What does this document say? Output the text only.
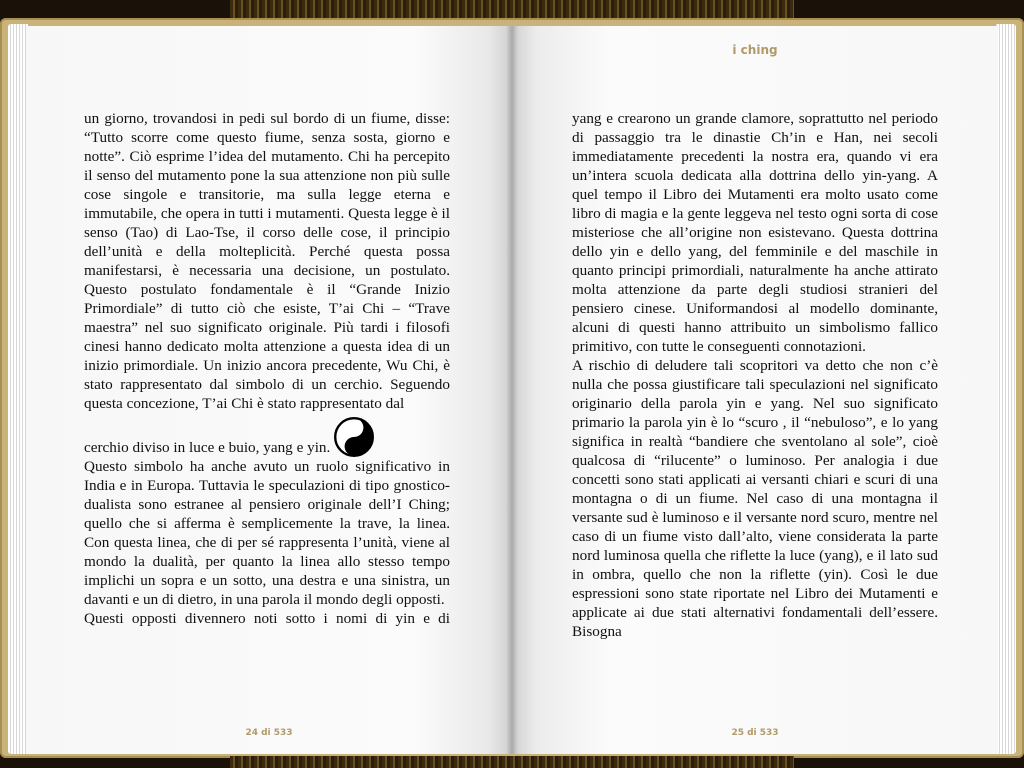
un giorno, trovandosi in pedi sul bordo di un fiume, disse: “Tutto scorre come questo fiume, senza sosta, giorno e notte”. Ciò esprime l’idea del mutamento. Chi ha percepito il senso del mutamento pone la sua attenzione non più sulle cose singole e transitorie, ma sulla legge eterna e immutabile, che opera in tutti i mutamenti. Questa legge è il senso (Tao) di Lao-Tse, il corso delle cose, il principio dell’unità e della molteplicità. Perché questa possa manifestarsi, è necessaria una decisione, un postulato. Questo postulato fondamentale è il “Grande Inizio Primordiale” di tutto ciò che esiste, T’ai Chi – “Trave maestra” nel suo significato originale. Più tardi i filosofi cinesi hanno dedicato molta attenzione a questa idea di un inizio primordiale. Un inizio ancora precedente, Wu Chi, è stato rappresentato dal simbolo di un cerchio. Seguendo questa concezione, T’ai Chi è stato rappresentato dal

cerchio diviso in luce e buio, yang e yin.

Questo simbolo ha anche avuto un ruolo significativo in India e in Europa. Tuttavia le speculazioni di tipo gnostico-dualista sono estranee al pensiero originale dell’I Ching; quello che si afferma è semplicemente la trave, la linea. Con questa linea, che di per sé rappresenta l’unità, viene al mondo la dualità, per quanto la linea allo stesso tempo implichi un sopra e un sotto, una destra e una sinistra, un davanti e un di dietro, in una parola il mondo degli opposti.

Questi opposti divennero noti sotto i nomi di yin e di

24 di 533
i ching

yang e crearono un grande clamore, soprattutto nel periodo di passaggio tra le dinastie Ch’in e Han, nei secoli immediatamente precedenti la nostra era, quando vi era un’intera scuola dedicata alla dottrina dello yin-yang. A quel tempo il Libro dei Mutamenti era molto usato come libro di magia e la gente leggeva nel testo ogni sorta di cose misteriose che all’origine non esistevano. Questa dottrina dello yin e dello yang, del femminile e del maschile in quanto principi primordiali, naturalmente ha anche attirato molta attenzione da parte degli studiosi stranieri del pensiero cinese. Uniformandosi al modello dominante, alcuni di questi hanno attribuito un simbolismo fallico primitivo, con tutte le conseguenti connotazioni.

A rischio di deludere tali scopritori va detto che non c’è nulla che possa giustificare tali speculazioni nel significato originario della parola yin e yang. Nel suo significato primario la parola yin è lo “scuro , il “nebuloso”, e lo yang significa in realtà “bandiere che sventolano al sole”, cioè qualcosa di “rilucente” o luminoso. Per analogia i due concetti sono stati applicati ai versanti chiari e scuri di una montagna o di un fiume. Nel caso di una montagna il versante sud è luminoso e il versante nord scuro, mentre nel caso di un fiume visto dall’alto, viene considerata la parte nord luminosa quella che riflette la luce (yang), e il lato sud in ombra, quello che non la riflette (yin). Così le due espressioni sono state riportate nel Libro dei Mutamenti e applicate ai due stati alternativi fondamentali dell’essere. Bisogna

25 di 533
